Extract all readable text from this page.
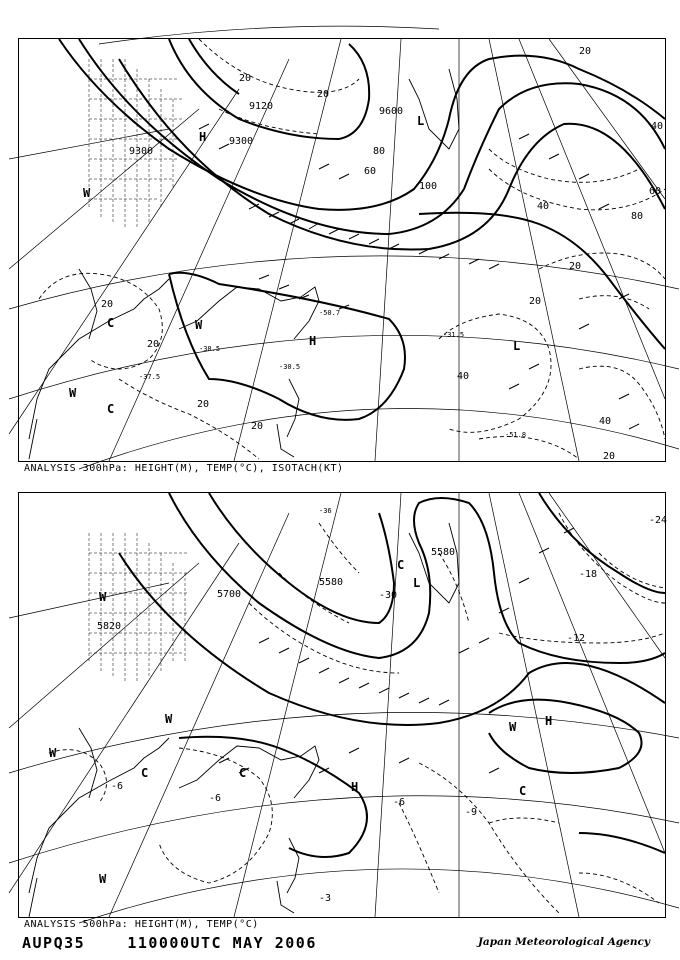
9300
9600
9120
9300
20
20
20
20
20
20
20
40
40
40
40
60
60
80
80
100
20
20
20
C
W
W
C
H	L
L
H
W
-31.5
-30.5
-51.8
-50.7
-38.5
-37.5
ANALYSIS 300hPa: HEIGHT(M), TEMP(°C), ISOTACH(KT)
5580
5700
5820
5580
-18
-12
-6	-6
-6
-3
-9
-24
-30
-36
W
W
W
C
W
H
L
C
C
H
W
C
ANALYSIS 500hPa: HEIGHT(M), TEMP(°C)
AUPQ35	110000UTC MAY 2006	Japan Meteorological Agency
